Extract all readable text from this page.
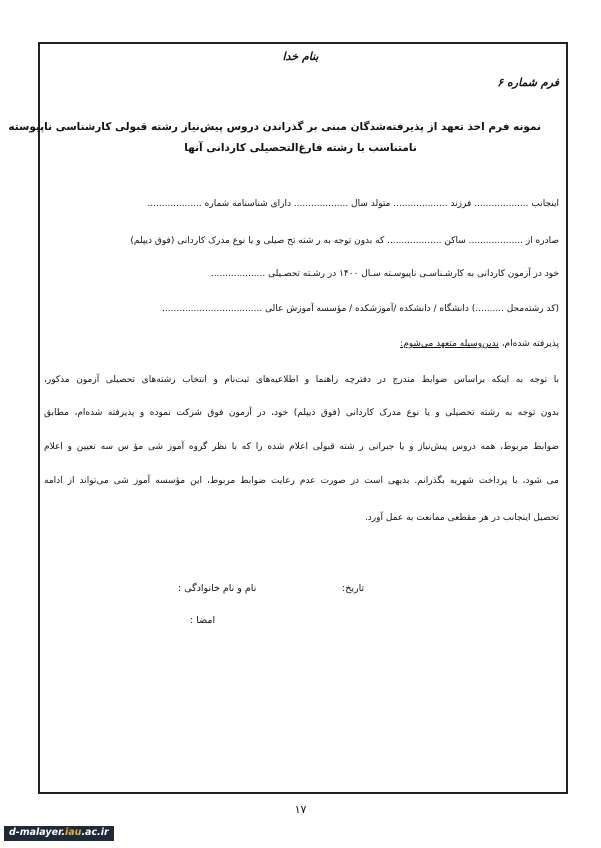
بنام خدا
فرم شماره ۶
نمونه فرم اخذ تعهد از پذیرفته‌شدگان مبنی بر گذراندن دروس پیش‌نیاز رشته قبولی کارشناسی ناپیوسته
نامتناسب با رشته فارغ‌التحصیلی کاردانی آنها
اینجانب ................... فرزند ................... متولد سال ................... دارای شناسنامه شماره ...................
صادره از ................... ساکن ................... که بدون توجه به ر شته تح صیلی و یا نوع مدرک کاردانی (فوق دیپلم)
خود در آزمون کاردانی به کارشـناسـی ناپیوسـته سـال ۱۴۰۰ در رشـته تحصـیلی ...................
(کد رشته‌محل ..........) دانشگاه / دانشکده /آموزشکده / مؤسسه آموزش عالی ...................................
پذیرفته شده‌ام، بدین‌وسیله متعهد می‌شوم:
با توجه به اینکه براساس ضوابط مندرج در دفترچه راهنما و اطلاعیه‌های ثبت‌نام و انتخاب رشته‌های تحصیلی آزمون مذکور،
بدون توجه به رشته تحصیلی و یا نوع مدرک کاردانی (فوق دیپلم) خود، در آزمون فوق شرکت نموده و پذیرفته شده‌ام، مطابق
ضوابط مربوط، همه دروس پیش‌نیاز و یا جبرانی ر شته قبولی اعلام شده را که با نظر گروه آموز شی مؤ س سه تعیین و اعلام
می شود، با پرداخت شهریه بگذرانم. بدیهی است در صورت عدم رعایت ضوابط مربوط، این مؤسسه آموز شی می‌تواند از ادامه
تحصیل اینجانب در هر مقطعی ممانعت به عمل آورد.
تاریخ:
نام و نام خانوادگی :
امضا :
۱۷
d-malayer.iau.ac.ir
